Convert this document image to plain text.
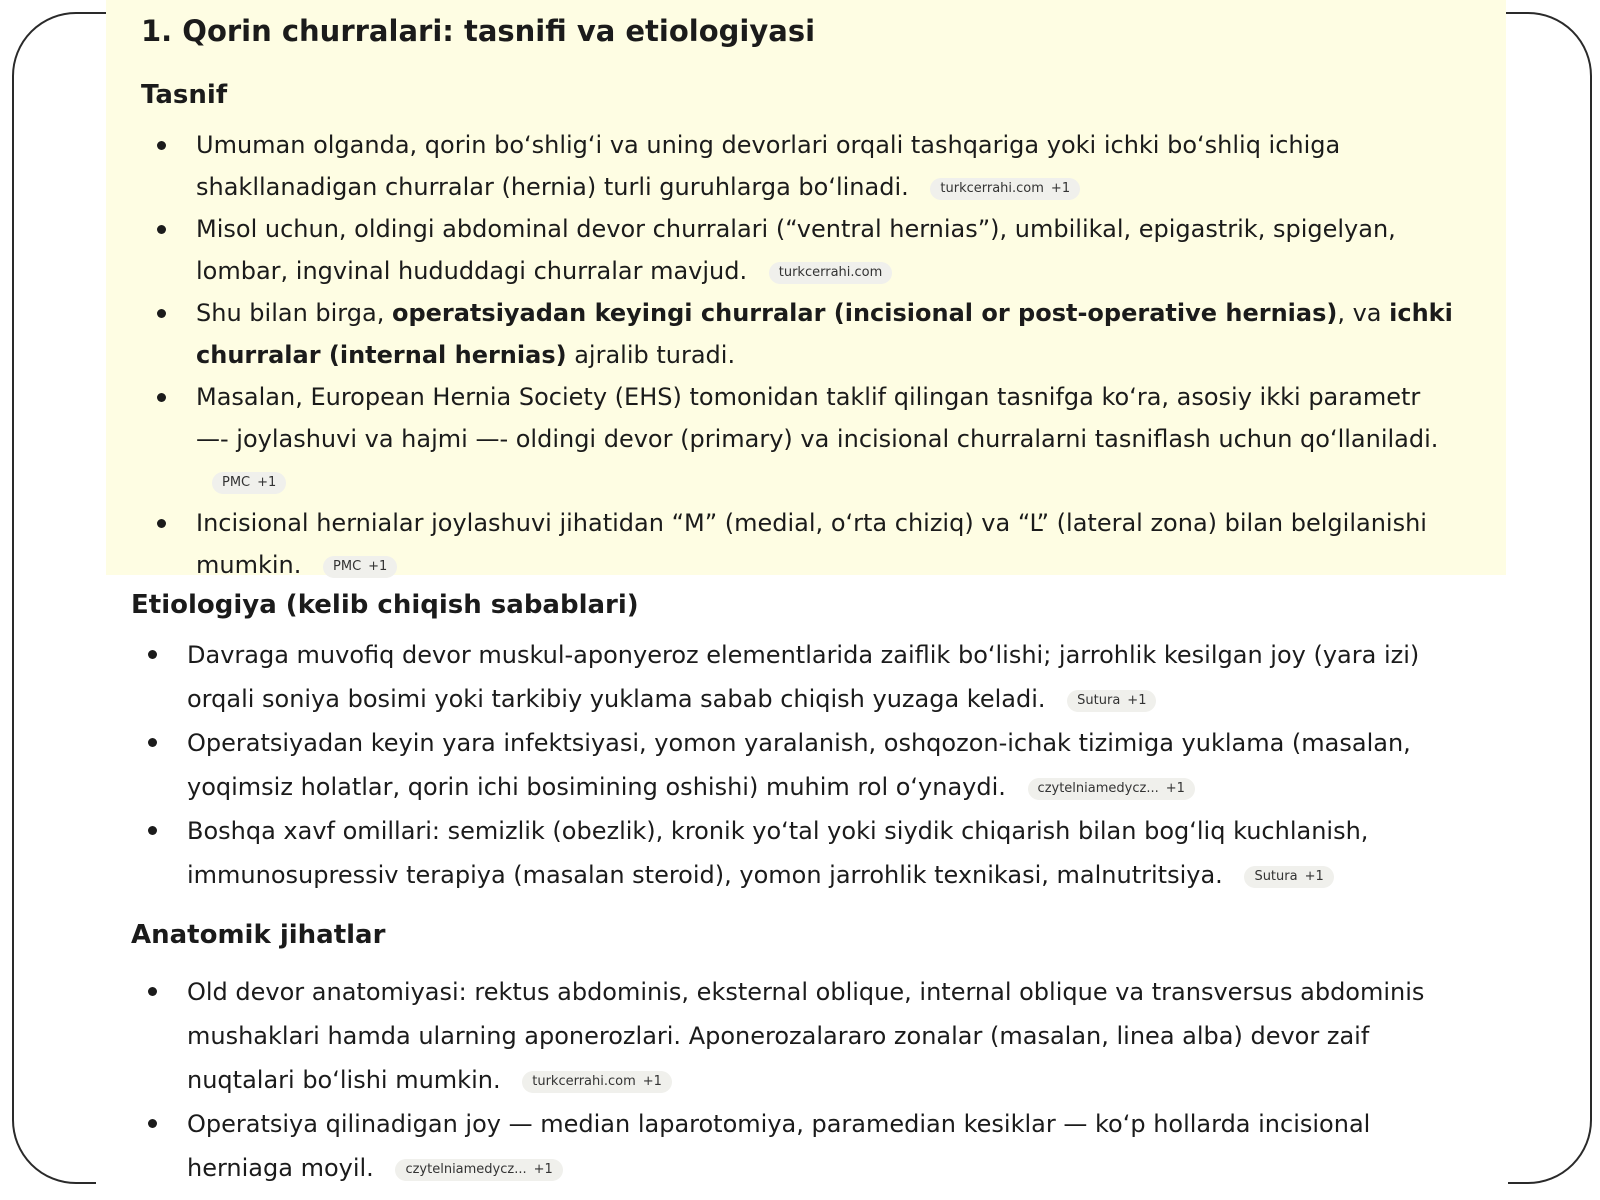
1. Qorin churralari: tasnifi va etiologiyasi
Tasnif
Umuman olganda, qorin bo‘shlig‘i va uning devorlari orqali tashqariga yoki ichki bo‘shliq ichiga shakllanadigan churralar (hernia) turli guruhlarga bo‘linadi. turkcerrahi.com +1
Misol uchun, oldingi abdominal devor churralari (“ventral hernias”), umbilikal, epigastrik, spigelyan, lombar, ingvinal hududdagi churralar mavjud. turkcerrahi.com
Shu bilan birga, operatsiyadan keyingi churralar (incisional or post-operative hernias), va ichki churralar (internal hernias) ajralib turadi.
Masalan, European Hernia Society (EHS) tomonidan taklif qilingan tasnifga ko‘ra, asosiy ikki parametr —- joylashuvi va hajmi —- oldingi devor (primary) va incisional churralarni tasniflash uchun qo‘llaniladi.
PMC +1
Incisional hernialar joylashuvi jihatidan “M” (medial, o‘rta chiziq) va “L” (lateral zona) bilan belgilanishi mumkin. PMC +1
Etiologiya (kelib chiqish sabablari)
Davraga muvofiq devor muskul-aponyeroz elementlarida zaiflik bo‘lishi; jarrohlik kesilgan joy (yara izi) orqali soniya bosimi yoki tarkibiy yuklama sabab chiqish yuzaga keladi. Sutura +1
Operatsiyadan keyin yara infektsiyasi, yomon yaralanish, oshqozon-ichak tizimiga yuklama (masalan, yoqimsiz holatlar, qorin ichi bosimining oshishi) muhim rol o‘ynaydi. czytelniamedycz... +1
Boshqa xavf omillari: semizlik (obezlik), kronik yo‘tal yoki siydik chiqarish bilan bog‘liq kuchlanish, immunosupressiv terapiya (masalan steroid), yomon jarrohlik texnikasi, malnutritsiya. Sutura +1
Anatomik jihatlar
Old devor anatomiyasi: rektus abdominis, eksternal oblique, internal oblique va transversus abdominis mushaklari hamda ularning aponerozlari. Aponerozalararo zonalar (masalan, linea alba) devor zaif nuqtalari bo‘lishi mumkin. turkcerrahi.com +1
Operatsiya qilinadigan joy — median laparotomiya, paramedian kesiklar — ko‘p hollarda incisional herniaga moyil. czytelniamedycz... +1
